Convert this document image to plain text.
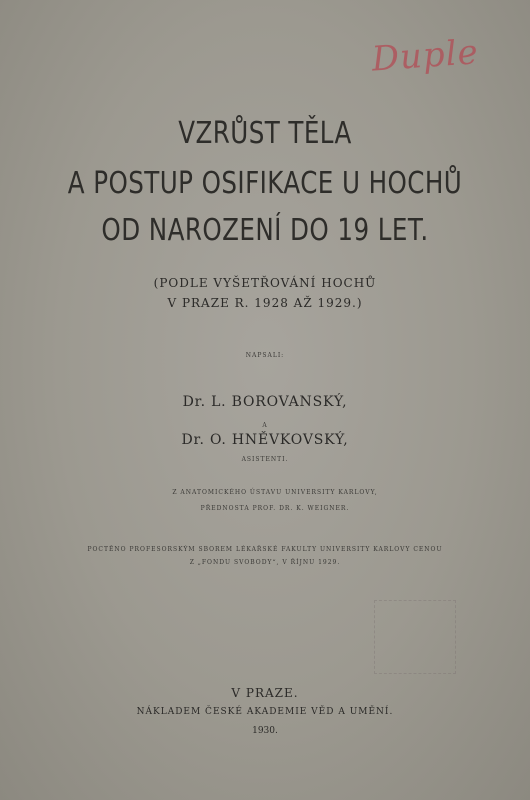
Duple
VZRŮST TĚLA
A POSTUP OSIFIKACE U HOCHŮ
OD NAROZENÍ DO 19 LET.
(PODLE VYŠETŘOVÁNÍ HOCHŮ
V PRAZE R. 1928 AŽ 1929.)
NAPSALI:
Dr. L. BOROVANSKÝ,
A
Dr. O. HNĚVKOVSKÝ,
ASISTENTI.
Z ANATOMICKÉHO ÚSTAVU UNIVERSITY KARLOVY,
PŘEDNOSTA PROF. DR. K. WEIGNER.
POCTĚNO PROFESORSKÝM SBOREM LÉKAŘSKÉ FAKULTY UNIVERSITY KARLOVY CENOU
Z „FONDU SVOBODY“, V ŘÍJNU 1929.
V PRAZE.
NÁKLADEM ČESKÉ AKADEMIE VĚD A UMĚNÍ.
1930.
